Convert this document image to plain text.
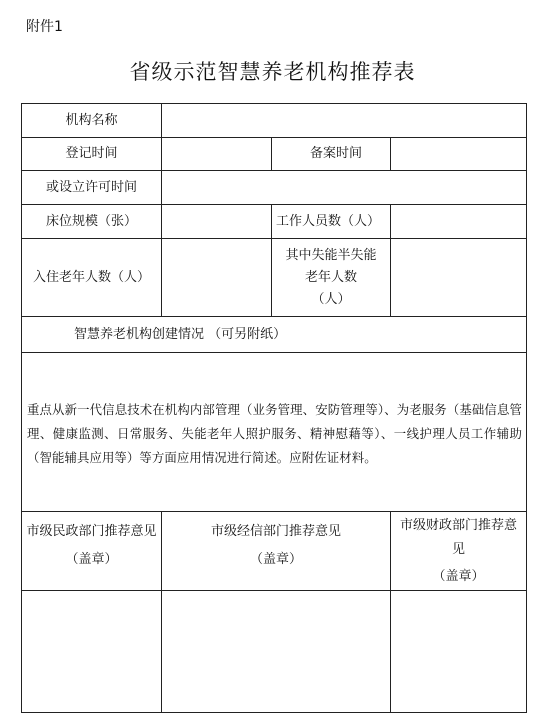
附件1
省级示范智慧养老机构推荐表
机构名称
登记时间	备案时间
或设立许可时间
床位规模（张）	工作人员数（人）
入住老年人数（人）
其中失能半失能
老年人数
（人）
智慧养老机构创建情况 （可另附纸）
重点从新一代信息技术在机构内部管理（业务管理、安防管理等）、为老服务（基础信息管理、健康监测、日常服务、失能老年人照护服务、精神慰藉等）、一线护理人员工作辅助（智能辅具应用等）等方面应用情况进行简述。应附佐证材料。
市级民政部门推荐意见
（盖章）
市级经信部门推荐意见
（盖章）
市级财政部门推荐意
见
（盖章）
